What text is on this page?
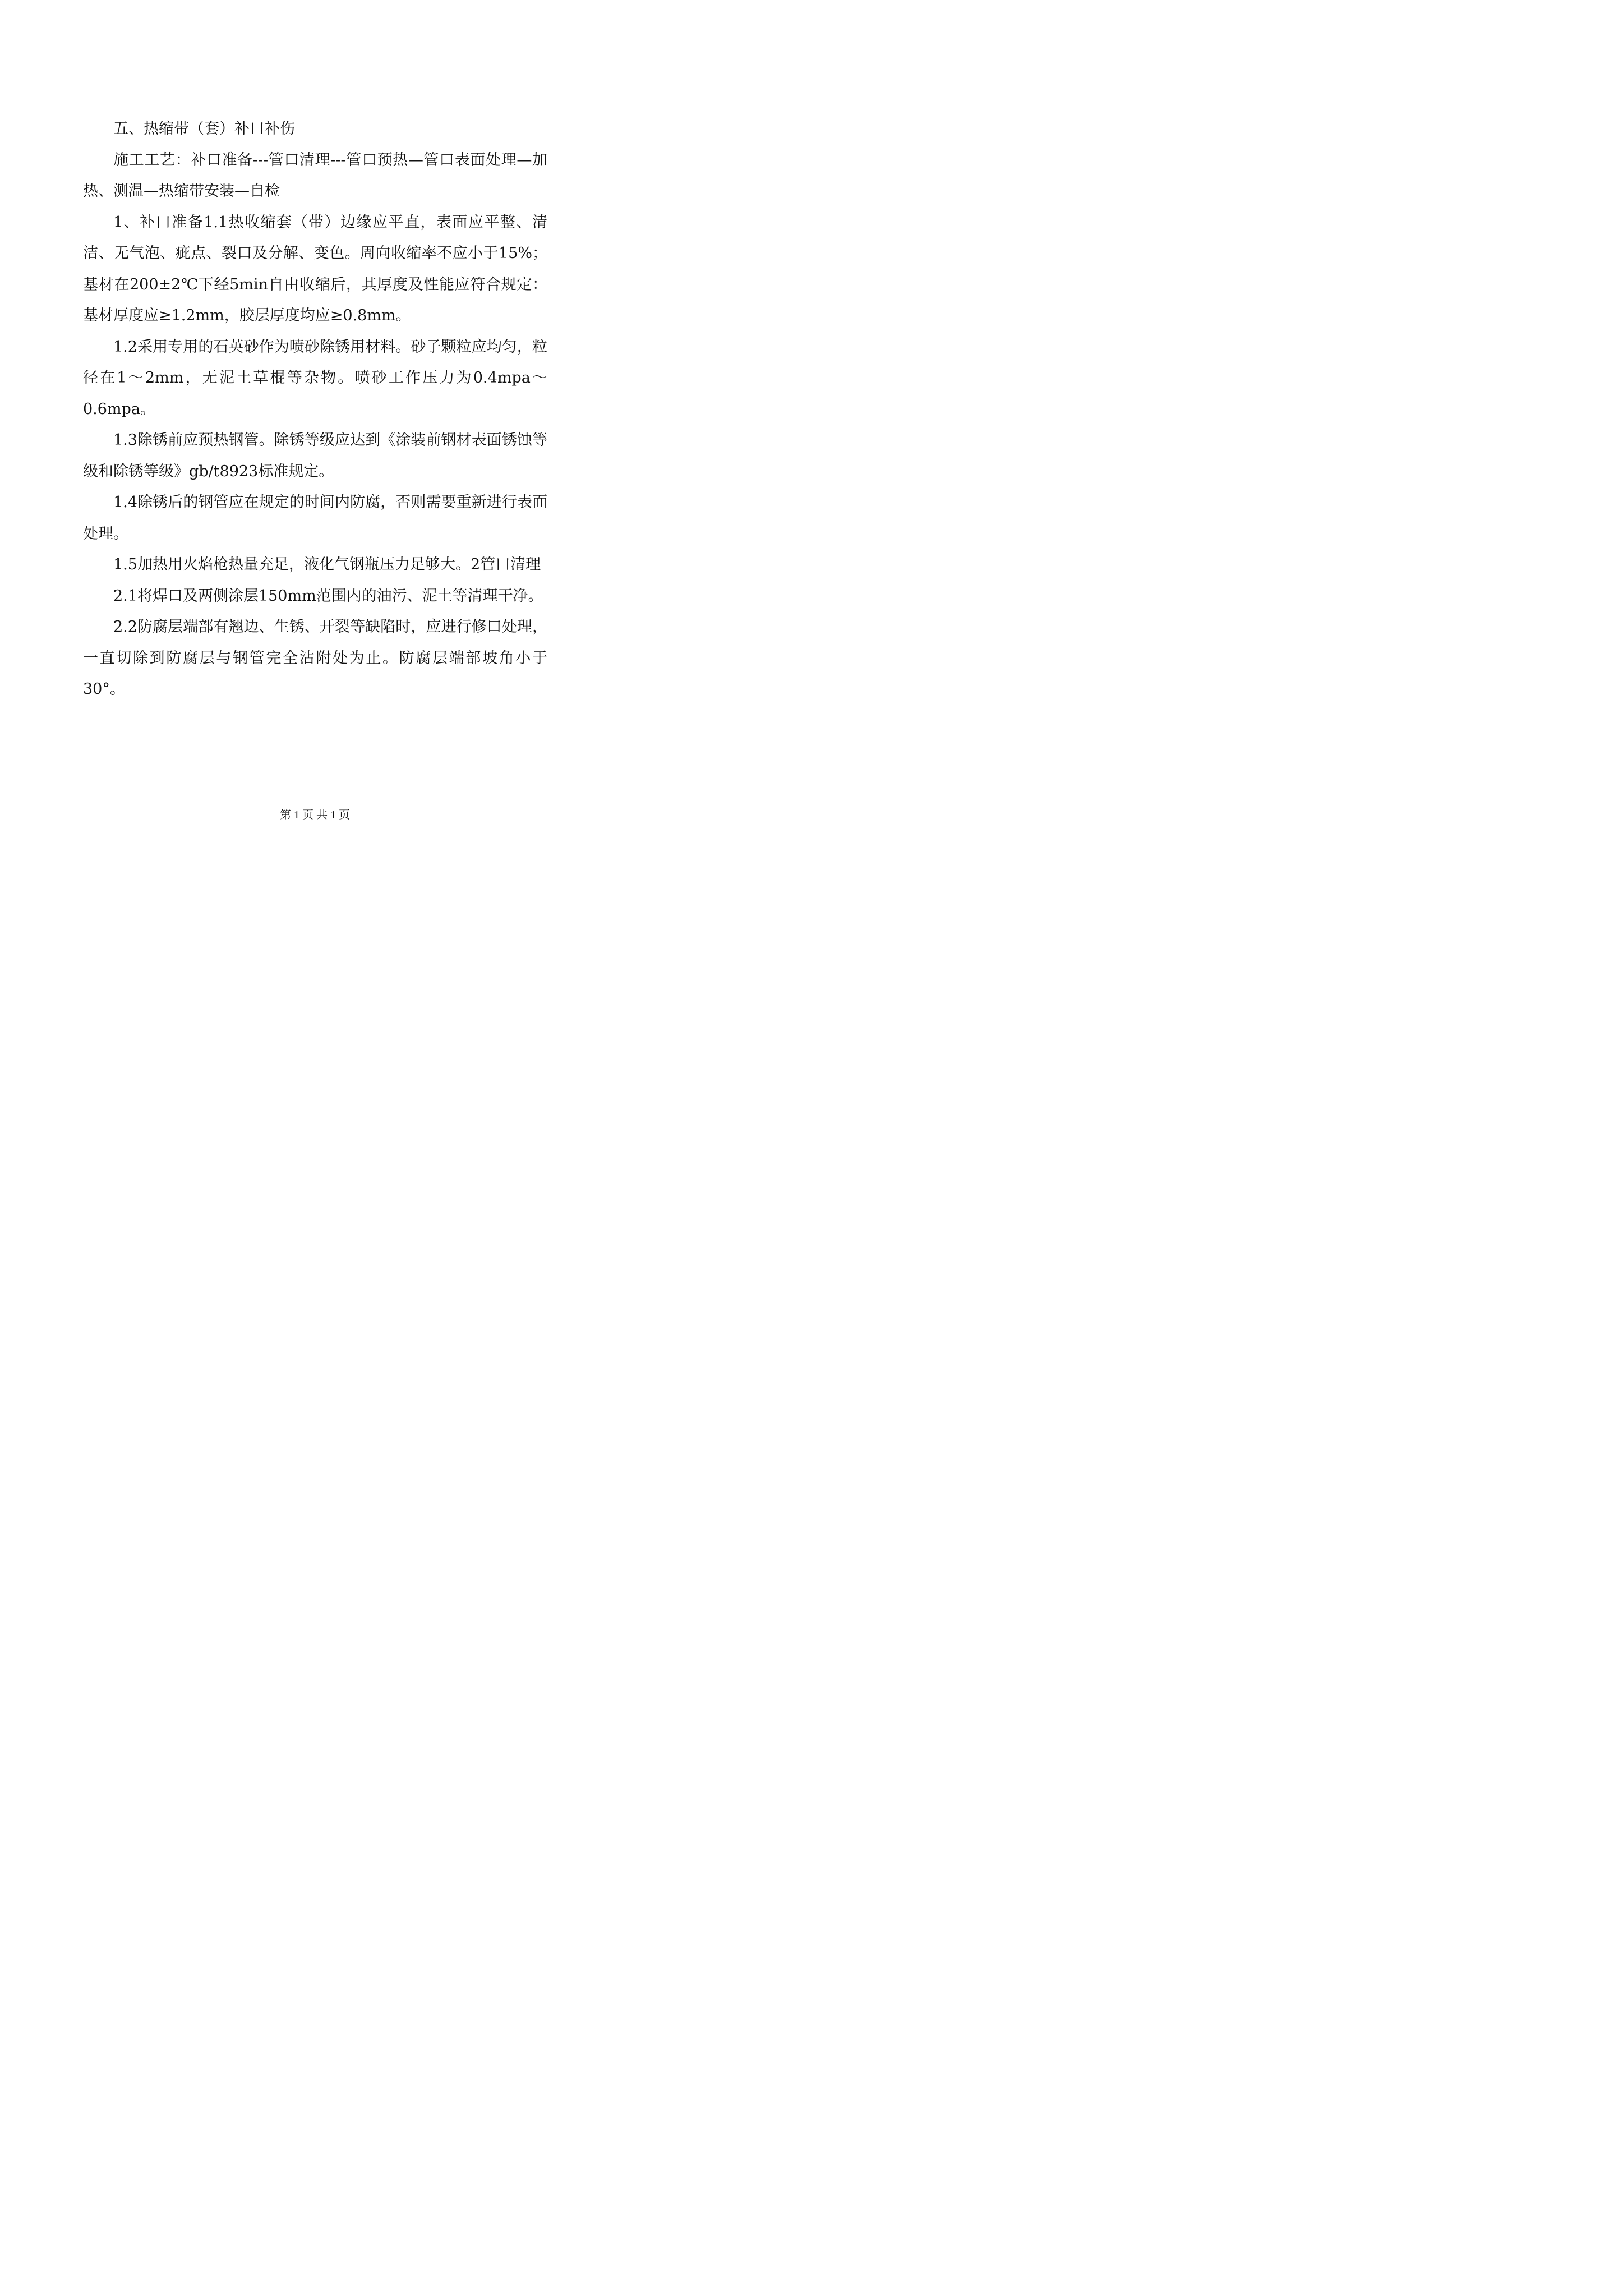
五、热缩带（套）补口补伤

施工工艺：补口准备---管口清理---管口预热—管口表面处理—加热、测温—热缩带安装—自检

1、补口准备1.1热收缩套（带）边缘应平直，表面应平整、清洁、无气泡、疵点、裂口及分解、变色。周向收缩率不应小于15%；基材在200±2℃下经5min自由收缩后，其厚度及性能应符合规定：基材厚度应≥1.2mm，胶层厚度均应≥0.8mm。

1.2采用专用的石英砂作为喷砂除锈用材料。砂子颗粒应均匀，粒径在1～2mm，无泥土草棍等杂物。喷砂工作压力为0.4mpa～0.6mpa。

1.3除锈前应预热钢管。除锈等级应达到《涂装前钢材表面锈蚀等级和除锈等级》gb/t8923标准规定。

1.4除锈后的钢管应在规定的时间内防腐，否则需要重新进行表面处理。

1.5加热用火焰枪热量充足，液化气钢瓶压力足够大。2管口清理

2.1将焊口及两侧涂层150mm范围内的油污、泥土等清理干净。

2.2防腐层端部有翘边、生锈、开裂等缺陷时，应进行修口处理，一直切除到防腐层与钢管完全沾附处为止。防腐层端部坡角小于30°。

第 1 页 共 1 页
